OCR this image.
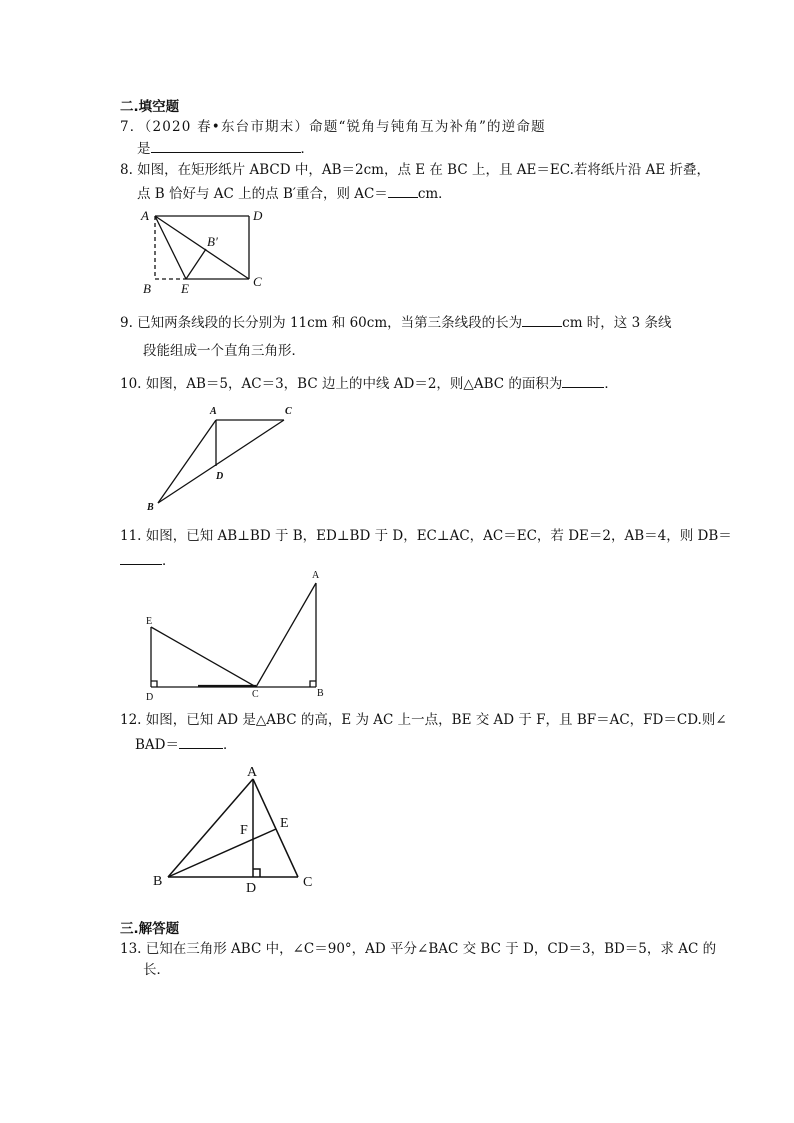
二.填空题
7．（2020 春•东台市期末）命题“锐角与钝角互为补角”的逆命题
是	．
8. 如图，在矩形纸片 ABCD 中，AB＝2cm，点 E 在 BC 上，且 AE＝EC.若将纸片沿 AE 折叠，
点 B 恰好与 AC 上的点 B′重合，则 AC＝ cm．
A	D
B′
C
B E
9. 已知两条线段的长分别为 11cm 和 60cm，当第三条线段的长为	cm 时，这 3 条线
段能组成一个直角三角形．
10. 如图，AB＝5，AC＝3，BC 边上的中线 AD＝2，则△ABC 的面积为	．
A	C
D
B
11. 如图，已知 AB⊥BD 于 B，ED⊥BD 于 D，EC⊥AC，AC＝EC，若 DE＝2，AB＝4，则 DB＝
．
A
E
D	C	B
12. 如图，已知 AD 是△ABC 的高，E 为 AC 上一点，BE 交 AD 于 F，且 BF＝AC，FD＝CD.则∠
BAD＝	．
A
F E
B	D	C
三.解答题
13. 已知在三角形 ABC 中，∠C＝90°，AD 平分∠BAC 交 BC 于 D，CD＝3，BD＝5，求 AC 的
长．
